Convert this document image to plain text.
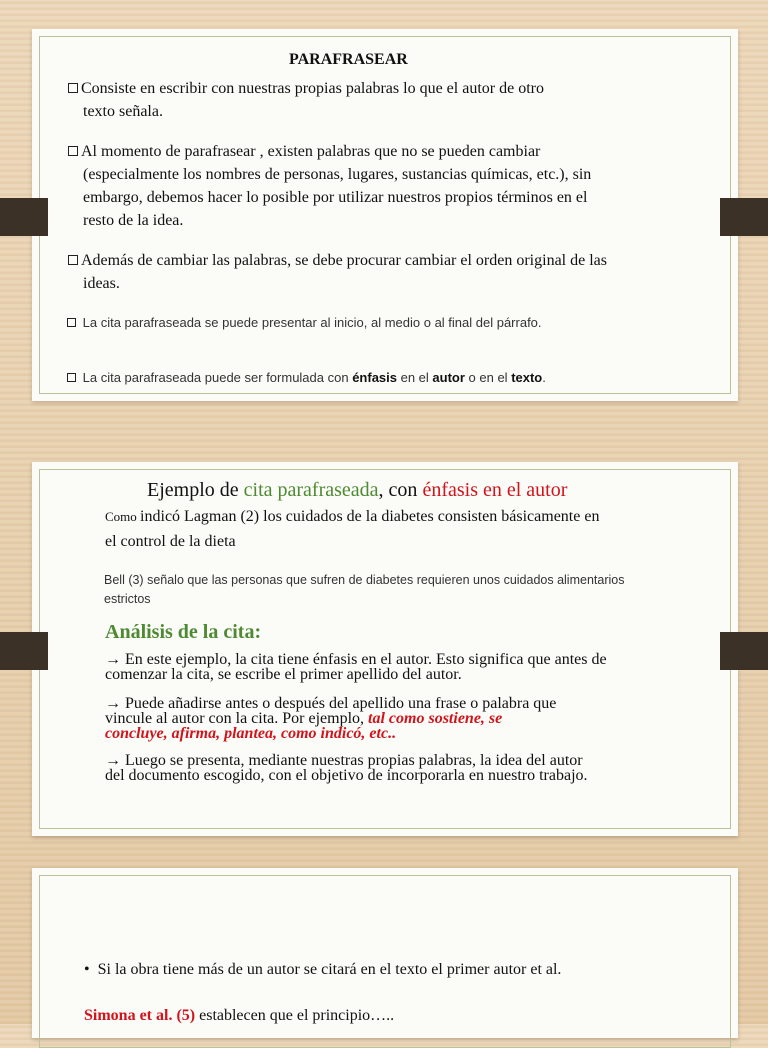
PARAFRASEAR
Consiste en escribir con nuestras propias palabras lo que el autor de otro
texto señala.
Al momento de parafrasear , existen palabras que no se pueden cambiar
(especialmente los nombres de personas, lugares, sustancias químicas, etc.), sin
embargo, debemos hacer lo posible por utilizar nuestros propios términos en el
resto de la idea.
Además de cambiar las palabras, se debe procurar cambiar el orden original de las
ideas.
La cita parafraseada se puede presentar al inicio, al medio o al final del párrafo.
La cita parafraseada puede ser formulada con énfasis en el autor o en el texto.
Ejemplo de cita parafraseada, con énfasis en el autor
Como indicó Lagman (2) los cuidados de la diabetes consisten básicamente en
el control de la dieta
Bell (3) señalo que las personas que sufren de diabetes requieren unos cuidados alimentarios
estrictos
Análisis de la cita:
→ En este ejemplo, la cita tiene énfasis en el autor. Esto significa que antes de
comenzar la cita, se escribe el primer apellido del autor.
→ Puede añadirse antes o después del apellido una frase o palabra que
vincule al autor con la cita. Por ejemplo, tal como sostiene, se
concluye, afirma, plantea, como indicó, etc..
→ Luego se presenta, mediante nuestras propias palabras, la idea del autor
del documento escogido, con el objetivo de incorporarla en nuestro trabajo.
• Si la obra tiene más de un autor se citará en el texto el primer autor et al.
Simona et al. (5) establecen que el principio…..
